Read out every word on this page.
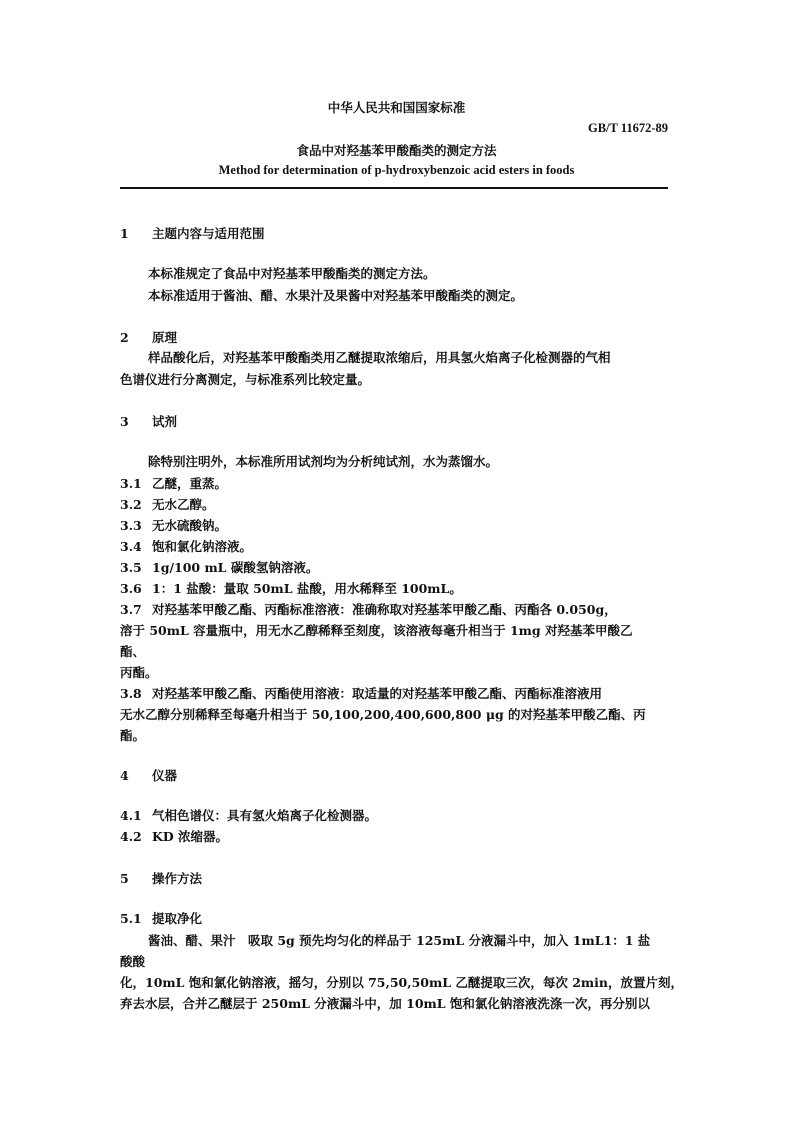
中华人民共和国国家标准
GB/T 11672-89
食品中对羟基苯甲酸酯类的测定方法
Method for determination of p-hydroxybenzoic acid esters in foods
1 主题内容与适用范围
本标准规定了食品中对羟基苯甲酸酯类的测定方法。
本标准适用于酱油、醋、水果汁及果酱中对羟基苯甲酸酯类的测定。
2 原理
样品酸化后，对羟基苯甲酸酯类用乙醚提取浓缩后，用具氢火焰离子化检测器的气相
色谱仪进行分离测定，与标准系列比较定量。
3 试剂
除特别注明外，本标准所用试剂均为分析纯试剂，水为蒸馏水。
3.1 乙醚，重蒸。
3.2 无水乙醇。
3.3 无水硫酸钠。
3.4 饱和氯化钠溶液。
3.5 1g/100 mL 碳酸氢钠溶液。
3.6 1：1 盐酸：量取 50mL 盐酸，用水稀释至 100mL。
3.7 对羟基苯甲酸乙酯、丙酯标准溶液：准确称取对羟基苯甲酸乙酯、丙酯各 0.050g，
溶于 50mL 容量瓶中，用无水乙醇稀释至刻度，该溶液每毫升相当于 1mg 对羟基苯甲酸乙
酯、
丙酯。
3.8 对羟基苯甲酸乙酯、丙酯使用溶液：取适量的对羟基苯甲酸乙酯、丙酯标准溶液用
无水乙醇分别稀释至每毫升相当于 50,100,200,400,600,800 μg 的对羟基苯甲酸乙酯、丙
酯。
4 仪器
4.1 气相色谱仪：具有氢火焰离子化检测器。
4.2 KD 浓缩器。
5 操作方法
5.1 提取净化
酱油、醋、果汁　吸取 5g 预先均匀化的样品于 125mL 分液漏斗中，加入 1mL1：1 盐
酸酸
化，10mL 饱和氯化钠溶液，摇匀，分别以 75,50,50mL 乙醚提取三次，每次 2min，放置片刻，
弃去水层，合并乙醚层于 250mL 分液漏斗中，加 10mL 饱和氯化钠溶液洗涤一次，再分别以
